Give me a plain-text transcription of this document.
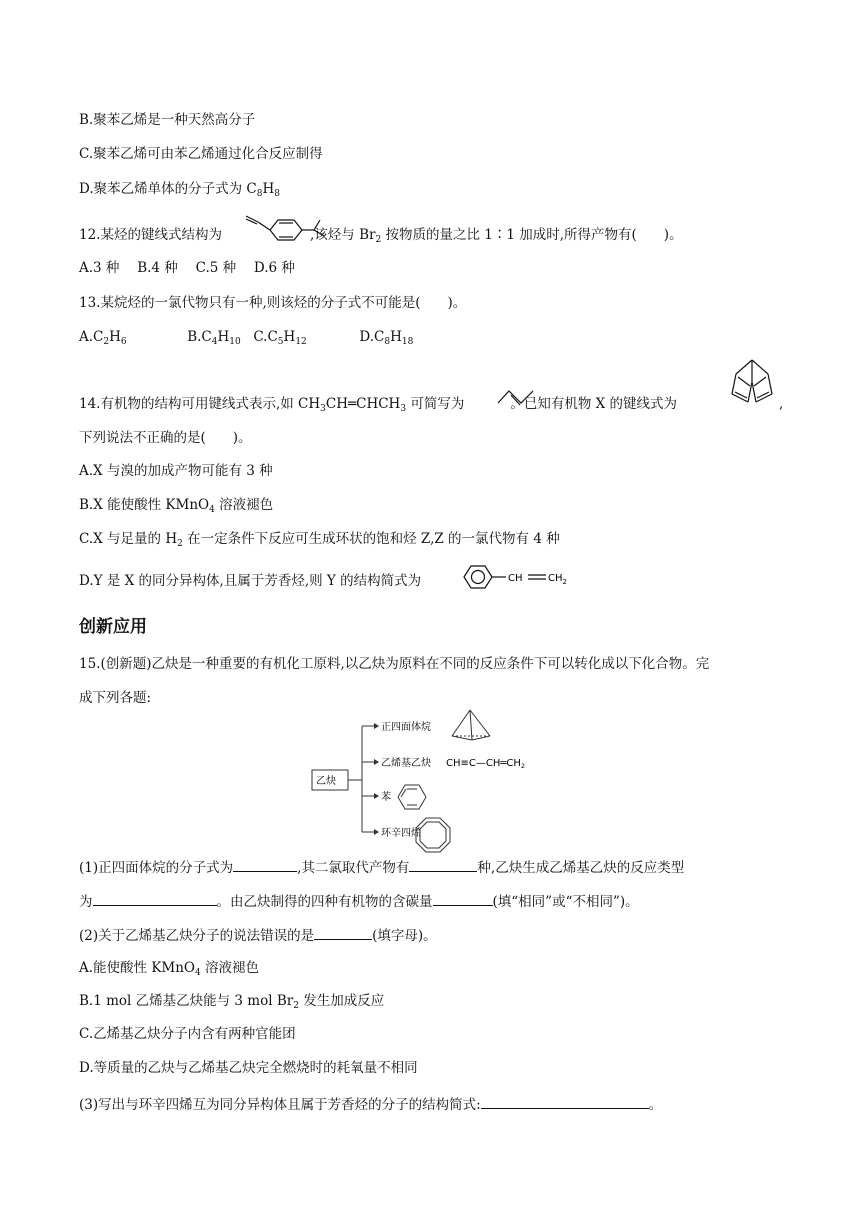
B.聚苯乙烯是一种天然高分子
C.聚苯乙烯可由苯乙烯通过化合反应制得
D.聚苯乙烯单体的分子式为 $C_8H_8$
12.某烃的键线式结构为	,该烃与 $Br_2$ 按物质的量之比 1∶1 加成时,所得产物有(　　)。
A.3 种　 B.4 种　 C.5 种　 D.6 种
13.某烷烃的一氯代物只有一种,则该烃的分子式不可能是(　　)。
$A.C_2H_6$	$B.C_4H_{10}$ $C.C_5H_{12}$	$D.C_8H_{18}$
14.有机物的结构可用键线式表示,如 $CH_3CH═CHCH_3$ 可简写为	。已知有机物 X 的键线式为	,
下列说法不正确的是(　　)。
A.X 与溴的加成产物可能有 3 种
B.X 能使酸性 KMnO$_4$ 溶液褪色
C.X 与足量的 $H_2$ 在一定条件下反应可生成环状的饱和烃 Z,Z 的一氯代物有 4 种
D.Y 是 X 的同分异构体,且属于芳香烃,则 Y 的结构简式为	CH	$CH_2$
创新应用
15.(创新题)乙炔是一种重要的有机化工原料,以乙炔为原料在不同的反应条件下可以转化成以下化合物。完
成下列各题:
乙炔
正四面体烷
乙烯基乙炔
苯
环辛四烯
$CH\equiv C—CH═CH_2$
(1)正四面体烷的分子式为	,其二氯取代产物有	种,乙炔生成乙烯基乙炔的反应类型
为	。由乙炔制得的四种有机物的含碳量	(填“相同”或“不相同”)。
(2)关于乙烯基乙炔分子的说法错误的是	(填字母)。
A.能使酸性 KMnO$_4$ 溶液褪色
B.1 mol 乙烯基乙炔能与 3 mol $Br_2$ 发生加成反应
C.乙烯基乙炔分子内含有两种官能团
D.等质量的乙炔与乙烯基乙炔完全燃烧时的耗氧量不相同
(3)写出与环辛四烯互为同分异构体且属于芳香烃的分子的结构简式:	。
